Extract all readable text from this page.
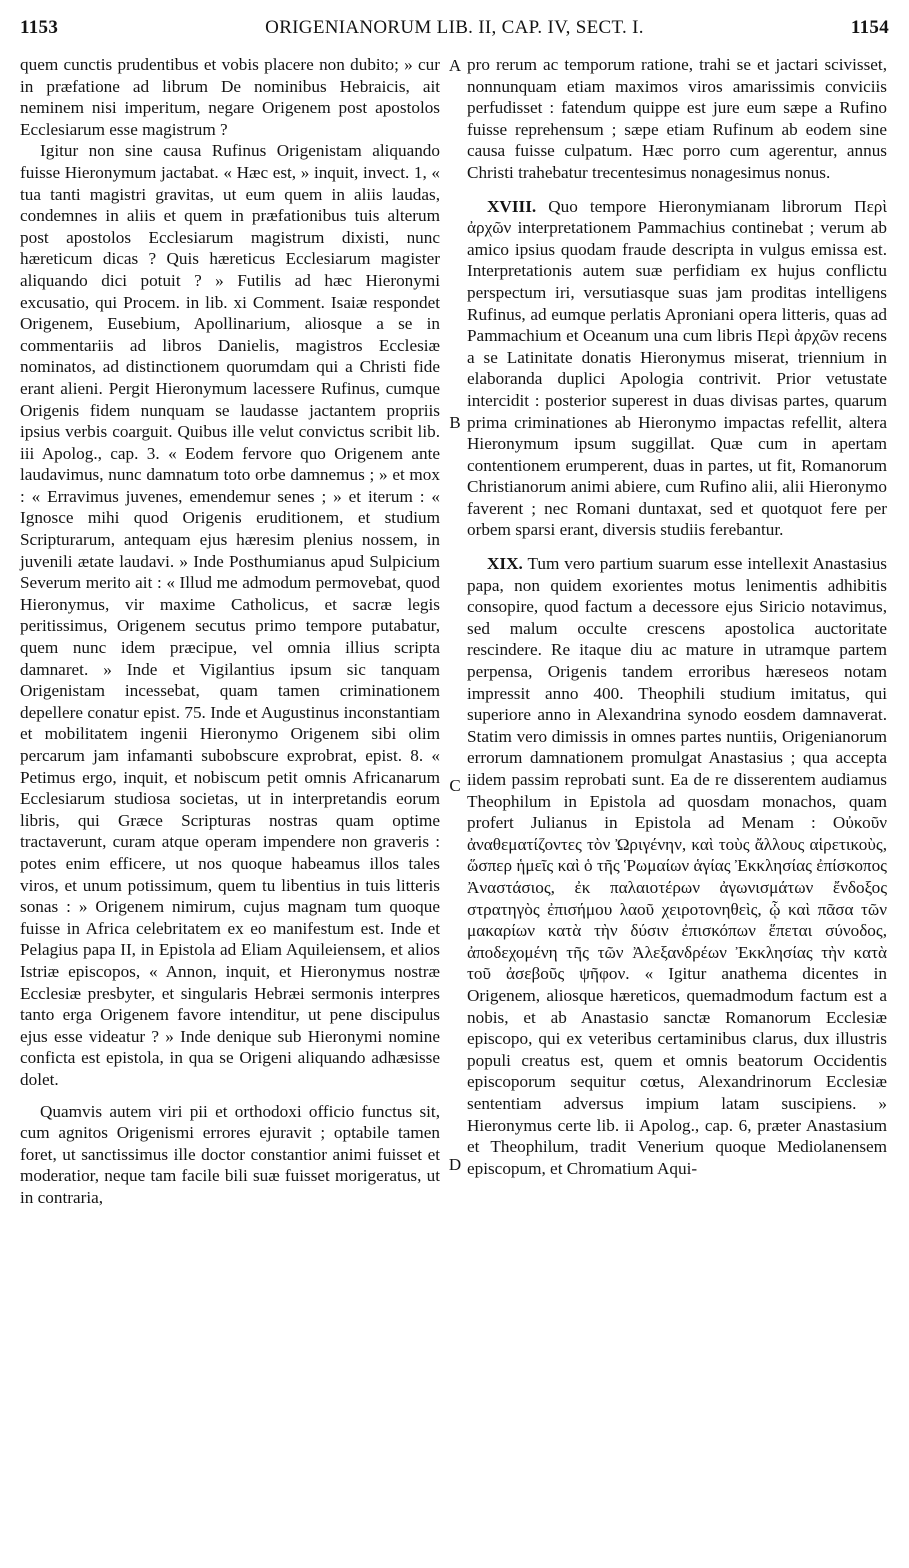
1153	ORIGENIANORUM LIB. II, CAP. IV, SECT. I.	1154

quem cunctis prudentibus et vobis placere non dubito; » cur in præfatione ad librum De nominibus Hebraicis, ait neminem nisi imperitum, negare Origenem post apostolos Ecclesiarum esse magistrum ?

Igitur non sine causa Rufinus Origenistam aliquando fuisse Hieronymum jactabat. « Hæc est, » inquit, invect. 1, « tua tanti magistri gravitas, ut eum quem in aliis laudas, condemnes in aliis et quem in præfationibus tuis alterum post apostolos Ecclesiarum magistrum dixisti, nunc hæreticum dicas ? Quis hæreticus Ecclesiarum magister aliquando dici potuit ? » Futilis ad hæc Hieronymi excusatio, qui Procem. in lib. xi Comment. Isaiæ respondet Origenem, Eusebium, Apollinarium, aliosque a se in commentariis ad libros Danielis, magistros Ecclesiæ nominatos, ad distinctionem quorumdam qui a Christi fide erant alieni. Pergit Hieronymum lacessere Rufinus, cumque Origenis fidem nunquam se laudasse jactantem propriis ipsius verbis coarguit. Quibus ille velut convictus scribit lib. iii Apolog., cap. 3. « Eodem fervore quo Origenem ante laudavimus, nunc damnatum toto orbe damnemus ; » et mox : « Erravimus juvenes, emendemur senes ; » et iterum : « Ignosce mihi quod Origenis eruditionem, et studium Scripturarum, antequam ejus hæresim plenius nossem, in juvenili ætate laudavi. » Inde Posthumianus apud Sulpicium Severum merito ait : « Illud me admodum permovebat, quod Hieronymus, vir maxime Catholicus, et sacræ legis peritissimus, Origenem secutus primo tempore putabatur, quem nunc idem præcipue, vel omnia illius scripta damnaret. » Inde et Vigilantius ipsum sic tanquam Origenistam incessebat, quam tamen criminationem depellere conatur epist. 75. Inde et Augustinus inconstantiam et mobilitatem ingenii Hieronymo Origenem sibi olim percarum jam infamanti subobscure exprobrat, epist. 8. « Petimus ergo, inquit, et nobiscum petit omnis Africanarum Ecclesiarum studiosa societas, ut in interpretandis eorum libris, qui Græce Scripturas nostras quam optime tractaverunt, curam atque operam impendere non graveris : potes enim efficere, ut nos quoque habeamus illos tales viros, et unum potissimum, quem tu libentius in tuis litteris sonas : » Origenem nimirum, cujus magnam tum quoque fuisse in Africa celebritatem ex eo manifestum est. Inde et Pelagius papa II, in Epistola ad Eliam Aquileiensem, et alios Istriæ episcopos, « Annon, inquit, et Hieronymus nostræ Ecclesiæ presbyter, et singularis Hebræi sermonis interpres tanto erga Origenem favore intenditur, ut pene discipulus ejus esse videatur ? » Inde denique sub Hieronymi nomine conficta est epistola, in qua se Origeni aliquando adhæsisse dolet.

Quamvis autem viri pii et orthodoxi officio functus sit, cum agnitos Origenismi errores ejuravit ; optabile tamen foret, ut sanctissimus ille doctor constantior animi fuisset et moderatior, neque tam facile bili suæ fuisset morigeratus, ut in contraria,

A
B
C
D

pro rerum ac temporum ratione, trahi se et jactari scivisset, nonnunquam etiam maximos viros amarissimis conviciis perfudisset : fatendum quippe est jure eum sæpe a Rufino fuisse reprehensum ; sæpe etiam Rufinum ab eodem sine causa fuisse culpatum. Hæc porro cum agerentur, annus Christi trahebatur trecentesimus nonagesimus nonus.

XVIII. Quo tempore Hieronymianam librorum Περὶ ἀρχῶν interpretationem Pammachius continebat ; verum ab amico ipsius quodam fraude descripta in vulgus emissa est. Interpretationis autem suæ perfidiam ex hujus conflictu perspectum iri, versutiasque suas jam proditas intelligens Rufinus, ad eumque perlatis Aproniani opera litteris, quas ad Pammachium et Oceanum una cum libris Περὶ ἀρχῶν recens a se Latinitate donatis Hieronymus miserat, triennium in elaboranda duplici Apologia contrivit. Prior vetustate intercidit : posterior superest in duas divisas partes, quarum prima criminationes ab Hieronymo impactas refellit, altera Hieronymum ipsum suggillat. Quæ cum in apertam contentionem erumperent, duas in partes, ut fit, Romanorum Christianorum animi abiere, cum Rufino alii, alii Hieronymo faverent ; nec Romani duntaxat, sed et quotquot fere per orbem sparsi erant, diversis studiis ferebantur.

XIX. Tum vero partium suarum esse intellexit Anastasius papa, non quidem exorientes motus lenimentis adhibitis consopire, quod factum a decessore ejus Siricio notavimus, sed malum occulte crescens apostolica auctoritate rescindere. Re itaque diu ac mature in utramque partem perpensa, Origenis tandem erroribus hæreseos notam impressit anno 400. Theophili studium imitatus, qui superiore anno in Alexandrina synodo eosdem damnaverat. Statim vero dimissis in omnes partes nuntiis, Origenianorum errorum damnationem promulgat Anastasius ; qua accepta iidem passim reprobati sunt. Ea de re disserentem audiamus Theophilum in Epistola ad quosdam monachos, quam profert Julianus in Epistola ad Menam : Οὐκοῦν ἀναθεματίζοντες τὸν Ὠριγένην, καὶ τοὺς ἄλλους αἱρετικοὺς, ὥσπερ ἡμεῖς καὶ ὁ τῆς Ῥωμαίων ἁγίας Ἐκκλησίας ἐπίσκοπος Ἀναστάσιος, ἐκ παλαιοτέρων ἀγωνισμάτων ἔνδοξος στρατηγὸς ἐπισήμου λαοῦ χειροτονηθεὶς, ᾧ καὶ πᾶσα τῶν μακαρίων κατὰ τὴν δύσιν ἐπισκόπων ἕπεται σύνοδος, ἀποδεχομένη τῆς τῶν Ἀλεξανδρέων Ἐκκλησίας τὴν κατὰ τοῦ ἀσεβοῦς ψῆφον. « Igitur anathema dicentes in Origenem, aliosque hæreticos, quemadmodum factum est a nobis, et ab Anastasio sanctæ Romanorum Ecclesiæ episcopo, qui ex veteribus certaminibus clarus, dux illustris populi creatus est, quem et omnis beatorum Occidentis episcoporum sequitur cœtus, Alexandrinorum Ecclesiæ sententiam adversus impium latam suscipiens. » Hieronymus certe lib. ii Apolog., cap. 6, præter Anastasium et Theophilum, tradit Venerium quoque Mediolanensem episcopum, et Chromatium Aqui-
